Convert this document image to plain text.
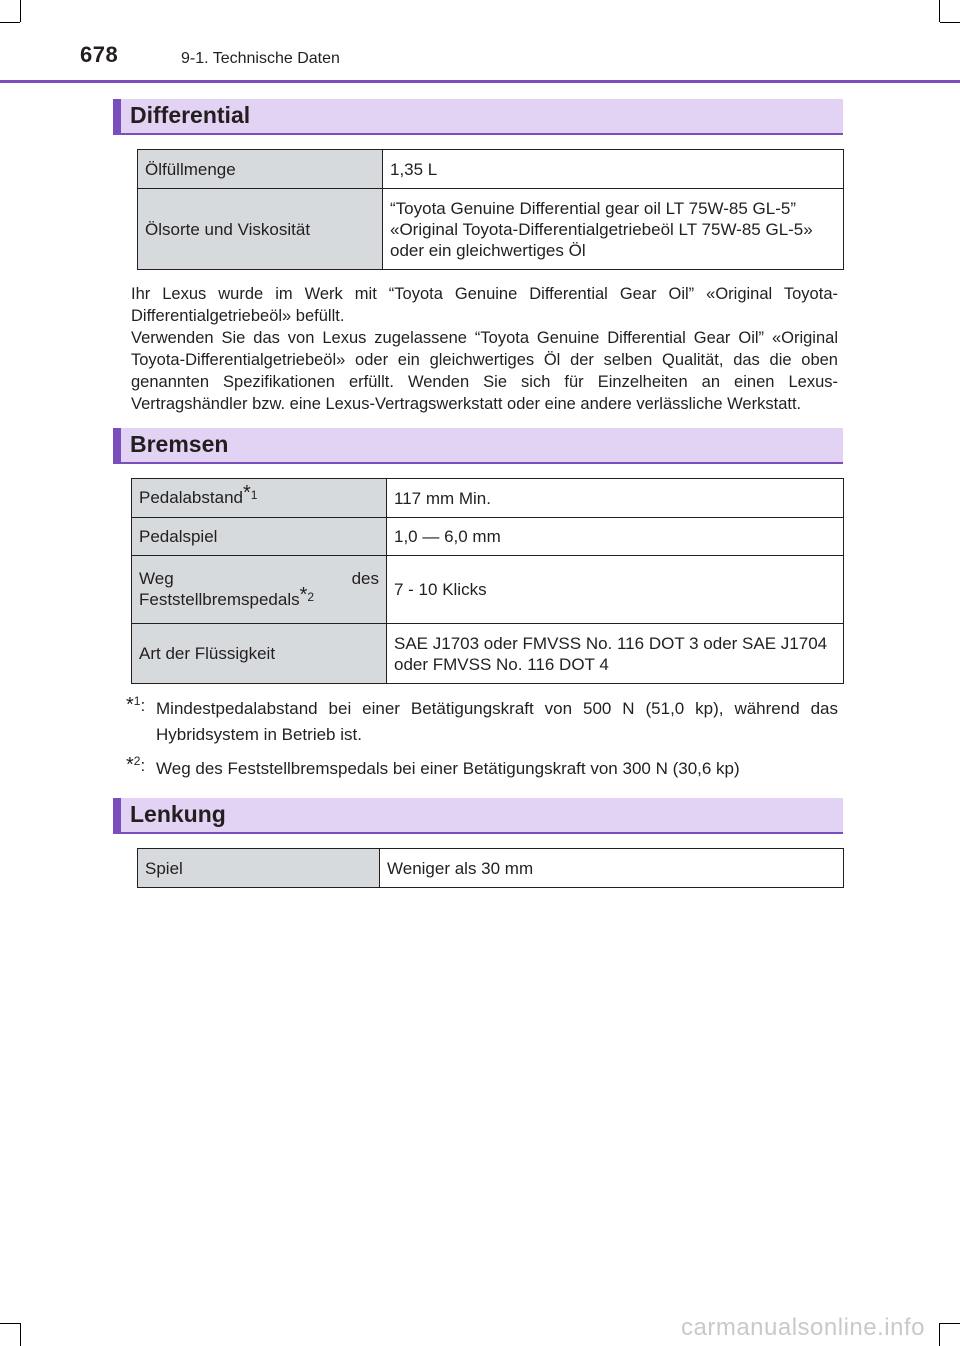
678	9-1. Technische Daten
Differential
Ölfüllmenge	1,35 L
Ölsorte und Viskosität	“Toyota Genuine Differential gear oil LT 75W-85 GL-5” «Original Toyota-Differentialgetriebeöl LT 75W-85 GL-5» oder ein gleichwertiges Öl
Ihr Lexus wurde im Werk mit “Toyota Genuine Differential Gear Oil” «Original Toyota-Differentialgetriebeöl» befüllt.
Verwenden Sie das von Lexus zugelassene “Toyota Genuine Differential Gear Oil” «Original Toyota-Differentialgetriebeöl» oder ein gleichwertiges Öl der selben Qualität, das die oben genannten Spezifikationen erfüllt. Wenden Sie sich für Einzelheiten an einen Lexus-Vertragshändler bzw. eine Lexus-Vertragswerkstatt oder eine andere verlässliche Werkstatt.
Bremsen
Pedalabstand$^{*1}$	117 mm Min.
Pedalspiel	1,0 — 6,0 mm
Weg des Feststellbremspedals$^{*2}$	7 - 10 Klicks
Art der Flüssigkeit	SAE J1703 oder FMVSS No. 116 DOT 3 oder SAE J1704 oder FMVSS No. 116 DOT 4
*$^1$: Mindestpedalabstand bei einer Betätigungskraft von 500 N (51,0 kp), während das Hybridsystem in Betrieb ist.
*$^2$: Weg des Feststellbremspedals bei einer Betätigungskraft von 300 N (30,6 kp)
Lenkung
Spiel	Weniger als 30 mm
carmanualsonline.info
